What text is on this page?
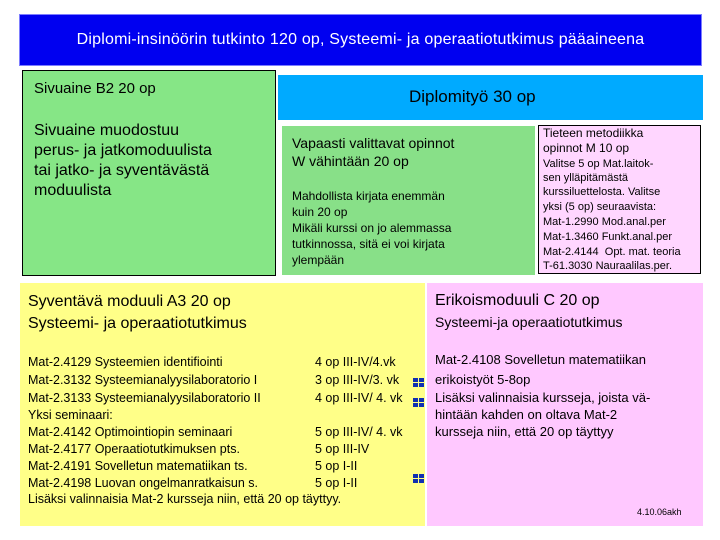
Diplomi-insinöörin tutkinto 120 op, Systeemi- ja operaatiotutkimus pääaineena
Sivuaine B2 20 op
Sivuaine muodostuu
perus- ja jatkomoduulista
tai jatko- ja syventävästä
moduulista
Diplomityö 30 op
Vapaasti valittavat opinnot
W vähintään 20 op
Mahdollista kirjata enemmän
kuin 20 op
Mikäli kurssi on jo alemmassa
tutkinnossa, sitä ei voi kirjata
ylempään
Tieteen metodiikka
opinnot M 10 op
Valitse 5 op Mat.laitok-
sen ylläpitämästä
kurssiluettelosta. Valitse
yksi (5 op) seuraavista:
Mat-1.2990 Mod.anal.per
Mat-1.3460 Funkt.anal.per
Mat-2.4144  Opt. mat. teoria
T-61.3030 Nauraalilas.per.
Syventävä moduuli A3 20 op
Systeemi- ja operaatiotutkimus
Mat-2.4129 Systeemien identifiointi	4 op III-IV/4.vk
Mat-2.3132 Systeemianalyysilaboratorio I	3 op III-IV/3. vk
Mat-2.3133 Systeemianalyysilaboratorio II	4 op III-IV/ 4. vk
Yksi seminaari:
Mat-2.4142 Optimointiopin seminaari	5 op III-IV/ 4. vk
Mat-2.4177 Operaatiotutkimuksen pts.	5 op III-IV
Mat-2.4191 Sovelletun matematiikan ts.	5 op I-II
Mat-2.4198 Luovan ongelmanratkaisun s.	5 op I-II
Lisäksi valinnaisia Mat-2 kursseja niin, että 20 op täyttyy.
Erikoismoduuli C 20 op
Systeemi-ja operaatiotutkimus
Mat-2.4108 Sovelletun matematiikan
erikoistyöt 5-8op
Lisäksi valinnaisia kursseja, joista vä-
hintään kahden on oltava Mat-2
kursseja niin, että 20 op täyttyy
4.10.06akh
